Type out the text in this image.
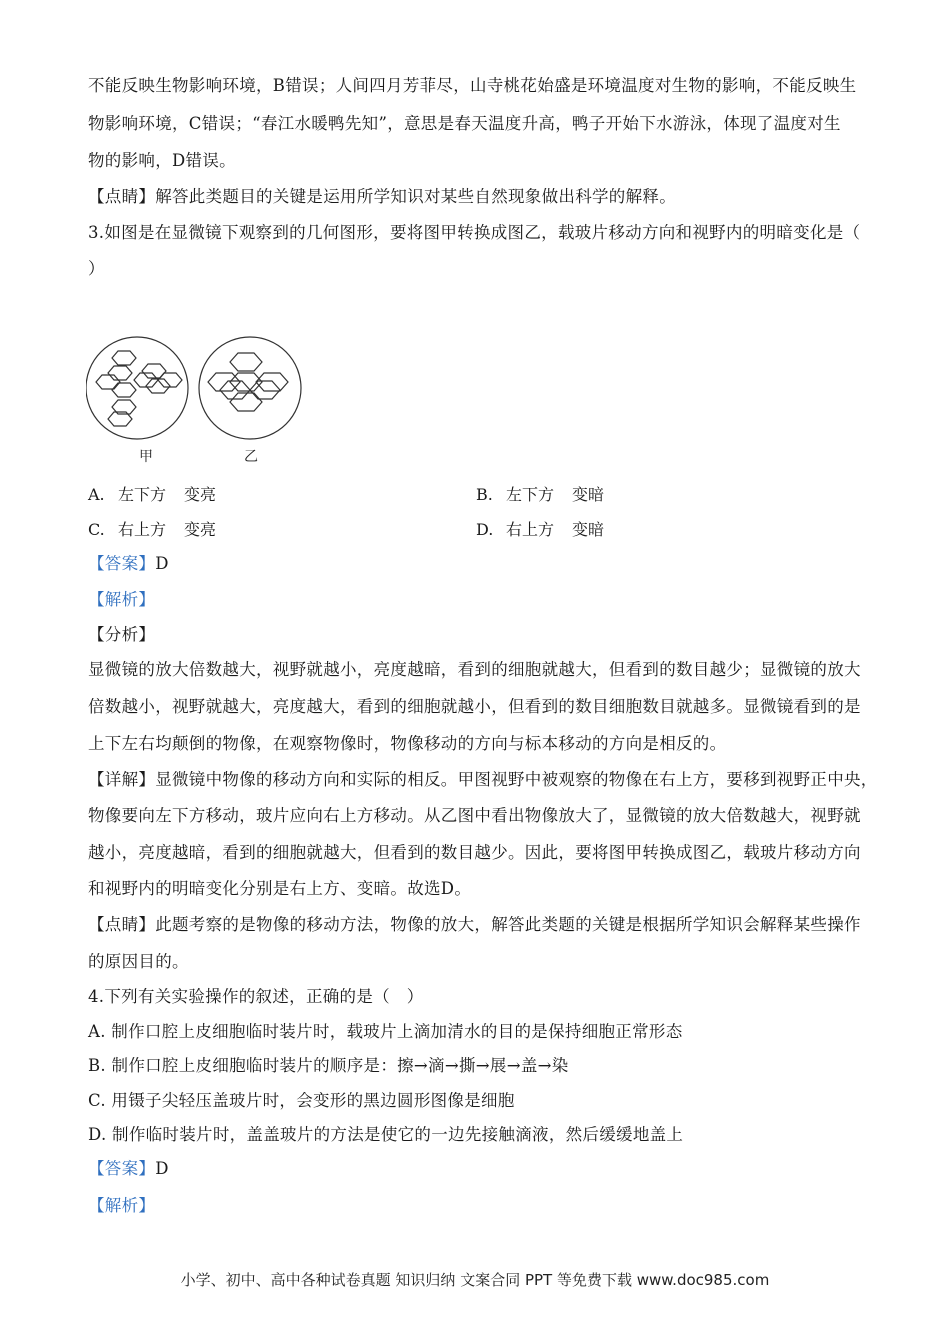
不能反映生物影响环境，B错误；人间四月芳菲尽，山寺桃花始盛是环境温度对生物的影响，不能反映生
物影响环境，C错误；“春江水暖鸭先知”，意思是春天温度升高，鸭子开始下水游泳，体现了温度对生
物的影响，D错误。
【点睛】解答此类题目的关键是运用所学知识对某些自然现象做出科学的解释。
3.如图是在显微镜下观察到的几何图形，要将图甲转换成图乙，载玻片移动方向和视野内的明暗变化是（
）
甲	乙
A. 左下方 变亮	B. 左下方 变暗
C. 右上方 变亮	D. 右上方 变暗
【答案】D
【解析】
【分析】
显微镜的放大倍数越大，视野就越小，亮度越暗，看到的细胞就越大，但看到的数目越少；显微镜的放大
倍数越小，视野就越大，亮度越大，看到的细胞就越小，但看到的数目细胞数目就越多。显微镜看到的是
上下左右均颠倒的物像，在观察物像时，物像移动的方向与标本移动的方向是相反的。
【详解】显微镜中物像的移动方向和实际的相反。甲图视野中被观察的物像在右上方，要移到视野正中央，
物像要向左下方移动，玻片应向右上方移动。从乙图中看出物像放大了，显微镜的放大倍数越大，视野就
越小，亮度越暗，看到的细胞就越大，但看到的数目越少。因此，要将图甲转换成图乙，载玻片移动方向
和视野内的明暗变化分别是右上方、变暗。故选D。
【点睛】此题考察的是物像的移动方法，物像的放大，解答此类题的关键是根据所学知识会解释某些操作
的原因目的。
4.下列有关实验操作的叙述，正确的是（　）
A. 制作口腔上皮细胞临时装片时，载玻片上滴加清水的目的是保持细胞正常形态
B. 制作口腔上皮细胞临时装片的顺序是：擦→滴→撕→展→盖→染
C. 用镊子尖轻压盖玻片时，会变形的黑边圆形图像是细胞
D. 制作临时装片时，盖盖玻片的方法是使它的一边先接触滴液，然后缓缓地盖上
【答案】D
【解析】
小学、初中、高中各种试卷真题 知识归纳 文案合同 PPT 等免费下载 www.doc985.com
